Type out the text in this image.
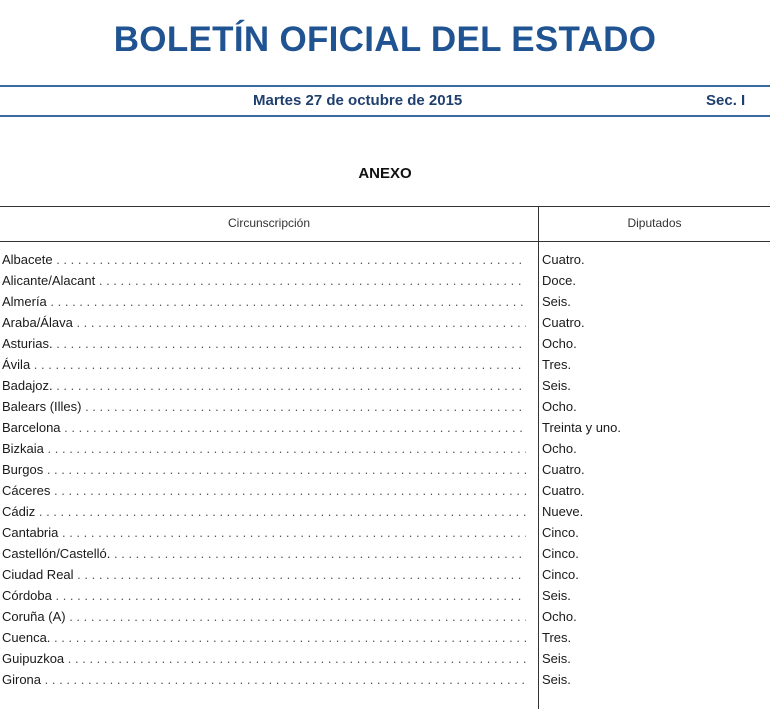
BOLETÍN OFICIAL DEL ESTADO
Martes 27 de octubre de 2015	Sec. I
ANEXO
Circunscripción	Diputados
Albacete . . .	Cuatro.
Alicante/Alacant . . .	Doce.
Almería . . .	Seis.
Araba/Álava . . .	Cuatro.
Asturias. . . .	Ocho.
Ávila . . .	Tres.
Badajoz. . . .	Seis.
Balears (Illes) . . .	Ocho.
Barcelona . . .	Treinta y uno.
Bizkaia . . .	Ocho.
Burgos . . .	Cuatro.
Cáceres . . .	Cuatro.
Cádiz . . .	Nueve.
Cantabria . . .	Cinco.
Castellón/Castelló. . . .	Cinco.
Ciudad Real . . .	Cinco.
Córdoba . . .	Seis.
Coruña (A) . . .	Ocho.
Cuenca. . . .	Tres.
Guipuzkoa . . .	Seis.
Girona . . .	Seis.
